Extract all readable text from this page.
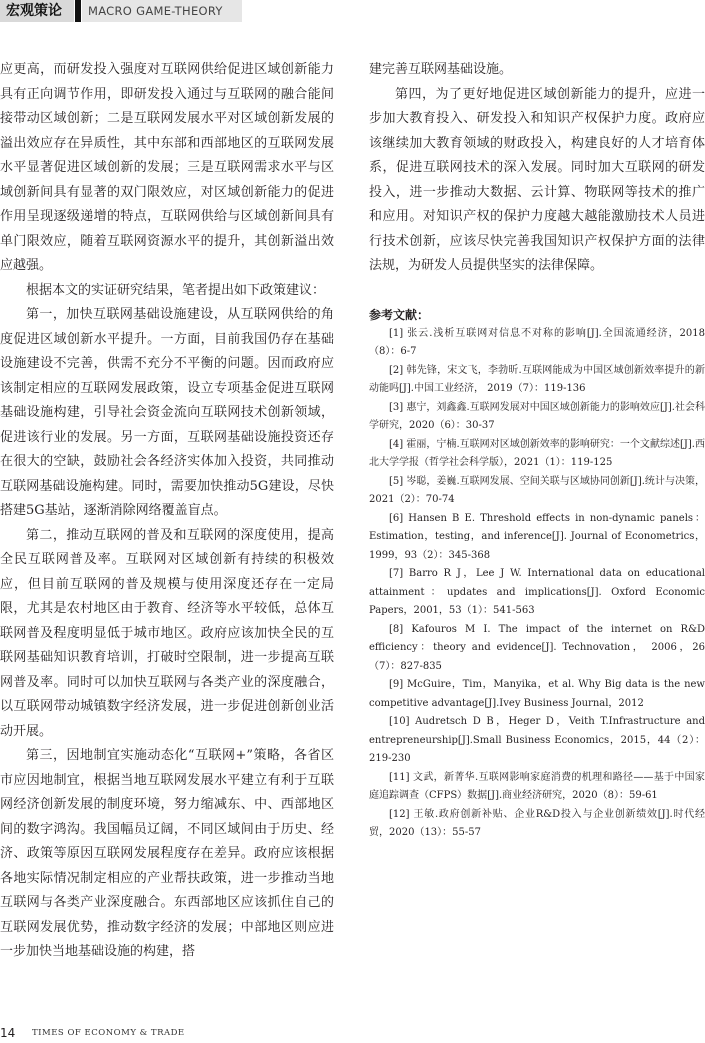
宏观策论	MACRO GAME-THEORY

应更高，而研发投入强度对互联网供给促进区域创新能力具有正向调节作用，即研发投入通过与互联网的融合能间接带动区域创新；二是互联网发展水平对区域创新发展的溢出效应存在异质性，其中东部和西部地区的互联网发展水平显著促进区域创新的发展；三是互联网需求水平与区域创新间具有显著的双门限效应，对区域创新能力的促进作用呈现逐级递增的特点，互联网供给与区域创新间具有单门限效应，随着互联网资源水平的提升，其创新溢出效应越强。

根据本文的实证研究结果，笔者提出如下政策建议：

第一，加快互联网基础设施建设，从互联网供给的角度促进区域创新水平提升。一方面，目前我国仍存在基础设施建设不完善，供需不充分不平衡的问题。因而政府应该制定相应的互联网发展政策，设立专项基金促进互联网基础设施构建，引导社会资金流向互联网技术创新领域，促进该行业的发展。另一方面，互联网基础设施投资还存在很大的空缺，鼓励社会各经济实体加入投资，共同推动互联网基础设施构建。同时，需要加快推动5G建设，尽快搭建5G基站，逐渐消除网络覆盖盲点。

第二，推动互联网的普及和互联网的深度使用，提高全民互联网普及率。互联网对区域创新有持续的积极效应，但目前互联网的普及规模与使用深度还存在一定局限，尤其是农村地区由于教育、经济等水平较低，总体互联网普及程度明显低于城市地区。政府应该加快全民的互联网基础知识教育培训，打破时空限制，进一步提高互联网普及率。同时可以加快互联网与各类产业的深度融合，以互联网带动城镇数字经济发展，进一步促进创新创业活动开展。

第三，因地制宜实施动态化“互联网+”策略，各省区市应因地制宜，根据当地互联网发展水平建立有利于互联网经济创新发展的制度环境，努力缩减东、中、西部地区间的数字鸿沟。我国幅员辽阔，不同区域间由于历史、经济、政策等原因互联网发展程度存在差异。政府应该根据各地实际情况制定相应的产业帮扶政策，进一步推动当地互联网与各类产业深度融合。东西部地区应该抓住自己的互联网发展优势，推动数字经济的发展；中部地区则应进一步加快当地基础设施的构建，搭

建完善互联网基础设施。

第四，为了更好地促进区域创新能力的提升，应进一步加大教育投入、研发投入和知识产权保护力度。政府应该继续加大教育领域的财政投入，构建良好的人才培育体系，促进互联网技术的深入发展。同时加大互联网的研发投入，进一步推动大数据、云计算、物联网等技术的推广和应用。对知识产权的保护力度越大越能激励技术人员进行技术创新，应该尽快完善我国知识产权保护方面的法律法规，为研发人员提供坚实的法律保障。

参考文献：

[1] 张云.浅析互联网对信息不对称的影响[J].全国流通经济，2018（8）：6-7

[2] 韩先锋，宋文飞，李勃昕.互联网能成为中国区域创新效率提升的新动能吗[J].中国工业经济， 2019（7）：119-136

[3] 惠宁，刘鑫鑫.互联网发展对中国区域创新能力的影响效应[J].社会科学研究，2020（6）：30-37

[4] 霍丽，宁楠.互联网对区域创新效率的影响研究：一个文献综述[J].西北大学学报（哲学社会科学版），2021（1）：119-125

[5] 岑聪，姜巍.互联网发展、空间关联与区域协同创新[J].统计与决策，2021（2）：70-74

[6] Hansen B E. Threshold effects in non-dynamic panels：Estimation，testing，and inference[J]. Journal of Econometrics，1999，93（2）：345-368

[7] Barro R J，Lee J W. International data on educational attainment：updates and implications[J]. Oxford Economic Papers，2001，53（1）：541-563

[8] Kafouros M I. The impact of the internet on R&D efficiency：theory and evidence[J]. Technovation， 2006，26（7）：827-835

[9] McGuire，Tim，Manyika，et al. Why Big data is the new competitive advantage[J].Ivey Business Journal，2012

[10] Audretsch D B，Heger D，Veith T.Infrastructure and entrepreneurship[J].Small Business Economics，2015，44（2）：219-230

[11] 文武，新菁华.互联网影响家庭消费的机理和路径——基于中国家庭追踪调查（CFPS）数据[J].商业经济研究，2020（8）：59-61

[12] 王敏.政府创新补贴、企业R&D投入与企业创新绩效[J].时代经贸，2020（13）：55-57

14 TIMES OF ECONOMY & TRADE
